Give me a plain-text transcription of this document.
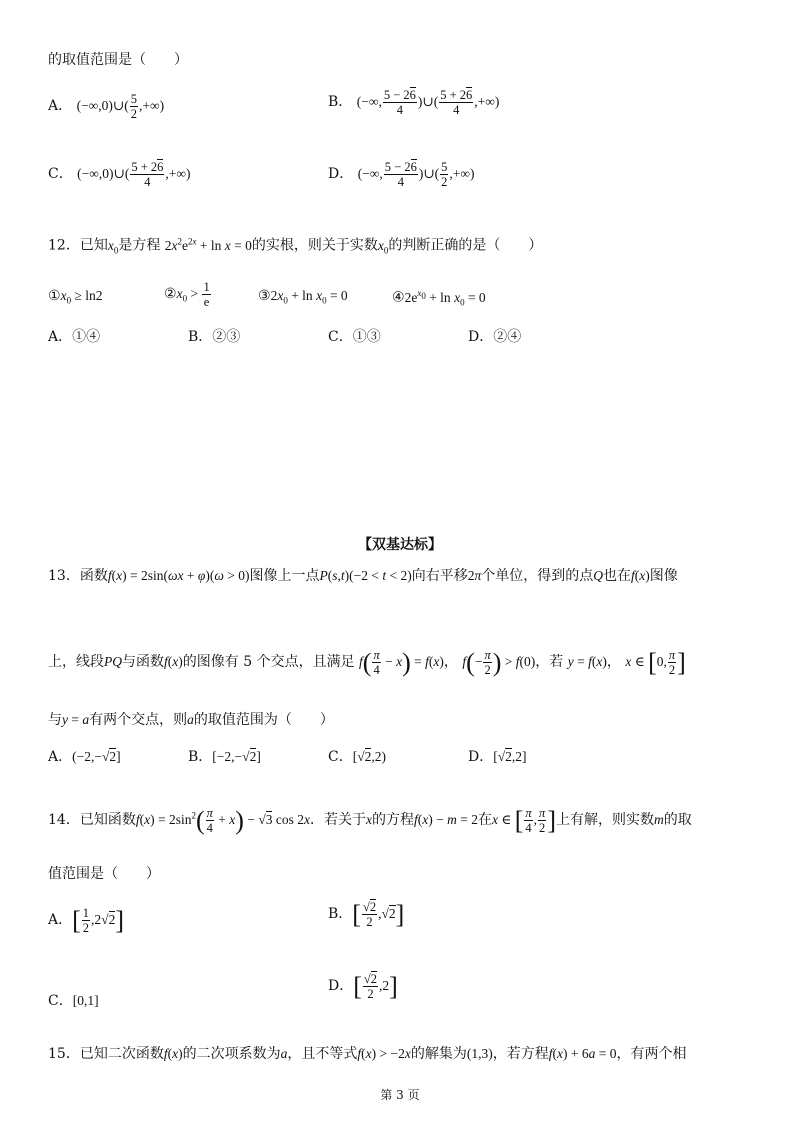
的取值范围是（　　）
A． (−∞,0)∪( $\frac{5}{2}$ ,+∞)	B． (−∞, $\frac{5 - 26}{4}$ )∪( $\frac{5 + 26}{4}$ ,+∞)
C． (−∞,0)∪( $\frac{5 + 26}{4}$ ,+∞)	D． (−∞, $\frac{5 - 26}{4}$ )∪( $\frac{5}{2}$ ,+∞)
12．已知$x_0$是方程 $2x^2e^{2x} + \ln x = 0$的实根，则关于实数$x_0$的判断正确的是（　　）
$①x_0 \ge \ln 2$	$②x_0 > \frac{1}{e}$	$③2x_0 + \ln x_0 = 0$	$④2e^{x_0} + \ln x_0 = 0$
A．①④	B．②③	C．①③	D．②④
【双基达标】
13．函数f(x) = 2sin(ωx + φ)(ω > 0)图像上一点P(s,t)(−2 < t < 2)向右平移2π个单位，得到的点Q也在f(x)图像
上，线段PQ与函数f(x)的图像有 5 个交点，且满足 $f( \frac{\pi}{4} - x) = f(x)$， $f(- \frac{\pi}{2}$ ) > f(0)，若 y = f(x)， x ∈ [0, $\frac{\pi}{2}$ ]
与y = a有两个交点，则a的取值范围为（　　）
A．(−2,−√2]	B．[−2,−√2]	C．[√2,2)	D．[√2,2]
14．已知函数$f(x) = 2\sin^2( \frac{\pi}{4} + x) - √3$ cos 2x．若关于x的方程f(x) − m = 2在x ∈ [ $\frac{\pi}{4}$ , $\frac{\pi}{2}$ ]上有解，则实数m的取
值范围是（　　）
A．[ $\frac{1}{2} ,2√2$]	B．[ $\frac{√2}{2} ,√2$]
C．[0,1]
D．[ $\frac{√2}{2} ,2$]
15．已知二次函数f(x)的二次项系数为a，且不等式f(x) > −2x的解集为(1,3)，若方程f(x) + 6a = 0，有两个相
第 3 页
